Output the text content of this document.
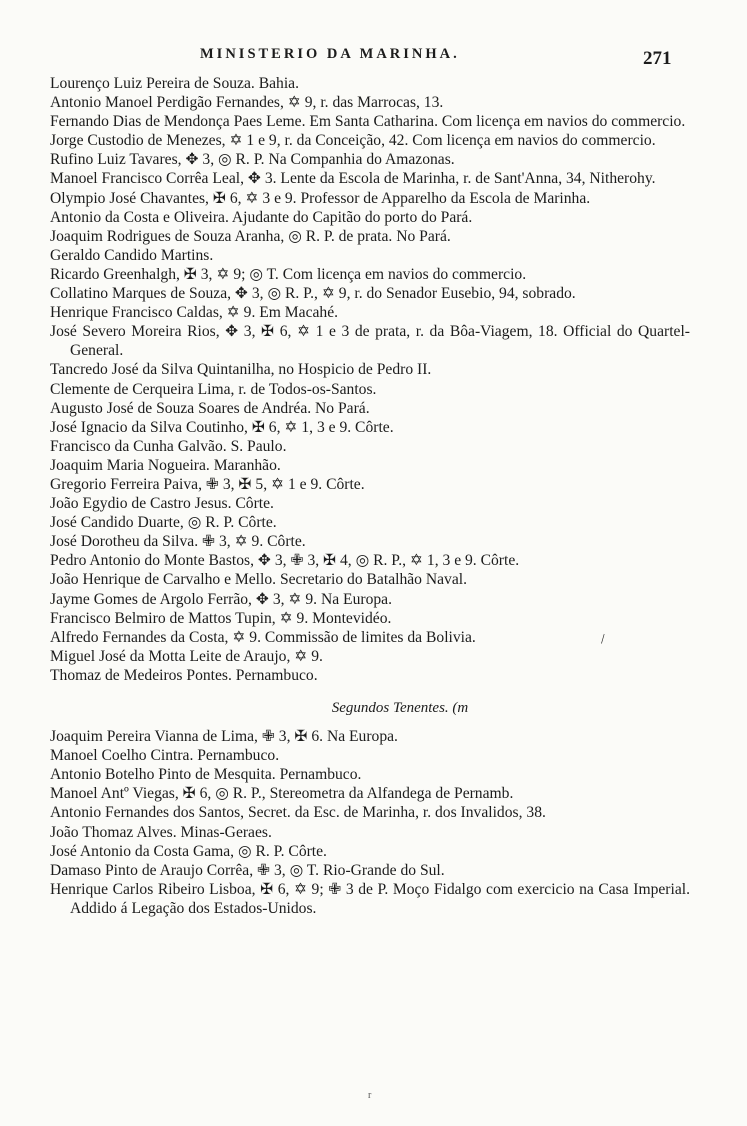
MINISTERIO DA MARINHA.	271
Lourenço Luiz Pereira de Souza. Bahia.
Antonio Manoel Perdigão Fernandes, ✡ 9, r. das Marrocas, 13.
Fernando Dias de Mendonça Paes Leme. Em Santa Catharina. Com licença em navios do commercio.
Jorge Custodio de Menezes, ✡ 1 e 9, r. da Conceição, 42. Com licença em navios do commercio.
Rufino Luiz Tavares, ✥ 3, ◎ R. P. Na Companhia do Amazonas.
Manoel Francisco Corrêa Leal, ✥ 3. Lente da Escola de Marinha, r. de Sant'Anna, 34, Nitherohy.
Olympio José Chavantes, ✠ 6, ✡ 3 e 9. Professor de Apparelho da Escola de Marinha.
Antonio da Costa e Oliveira. Ajudante do Capitão do porto do Pará.
Joaquim Rodrigues de Souza Aranha, ◎ R. P. de prata. No Pará.
Geraldo Candido Martins.
Ricardo Greenhalgh, ✠ 3, ✡ 9; ◎ T. Com licença em navios do commercio.
Collatino Marques de Souza, ✥ 3, ◎ R. P., ✡ 9, r. do Senador Eusebio, 94, sobrado.
Henrique Francisco Caldas, ✡ 9. Em Macahé.
José Severo Moreira Rios, ✥ 3, ✠ 6, ✡ 1 e 3 de prata, r. da Bôa-Viagem, 18. Official do Quartel-General.
Tancredo José da Silva Quintanilha, no Hospicio de Pedro II.
Clemente de Cerqueira Lima, r. de Todos-os-Santos.
Augusto José de Souza Soares de Andréa. No Pará.
José Ignacio da Silva Coutinho, ✠ 6, ✡ 1, 3 e 9. Côrte.
Francisco da Cunha Galvão. S. Paulo.
Joaquim Maria Nogueira. Maranhão.
Gregorio Ferreira Paiva, ✙ 3, ✠ 5, ✡ 1 e 9. Côrte.
João Egydio de Castro Jesus. Côrte.
José Candido Duarte, ◎ R. P. Côrte.
José Dorotheu da Silva. ✙ 3, ✡ 9. Côrte.
Pedro Antonio do Monte Bastos, ✥ 3, ✙ 3, ✠ 4, ◎ R. P., ✡ 1, 3 e 9. Côrte.
João Henrique de Carvalho e Mello. Secretario do Batalhão Naval.
Jayme Gomes de Argolo Ferrão, ✥ 3, ✡ 9. Na Europa.
Francisco Belmiro de Mattos Tupin, ✡ 9. Montevidéo.
Alfredo Fernandes da Costa, ✡ 9. Commissão de limites da Bolivia.
Miguel José da Motta Leite de Araujo, ✡ 9.
Thomaz de Medeiros Pontes. Pernambuco.
Segundos Tenentes. (m
Joaquim Pereira Vianna de Lima, ✙ 3, ✠ 6. Na Europa.
Manoel Coelho Cintra. Pernambuco.
Antonio Botelho Pinto de Mesquita. Pernambuco.
Manoel Antº Viegas, ✠ 6, ◎ R. P., Stereometra da Alfandega de Pernamb.
Antonio Fernandes dos Santos, Secret. da Esc. de Marinha, r. dos Invalidos, 38.
João Thomaz Alves. Minas-Geraes.
José Antonio da Costa Gama, ◎ R. P. Côrte.
Damaso Pinto de Araujo Corrêa, ✙ 3, ◎ T. Rio-Grande do Sul.
Henrique Carlos Ribeiro Lisboa, ✠ 6, ✡ 9; ✙ 3 de P. Moço Fidalgo com exercicio na Casa Imperial. Addido á Legação dos Estados-Unidos.
\
r
